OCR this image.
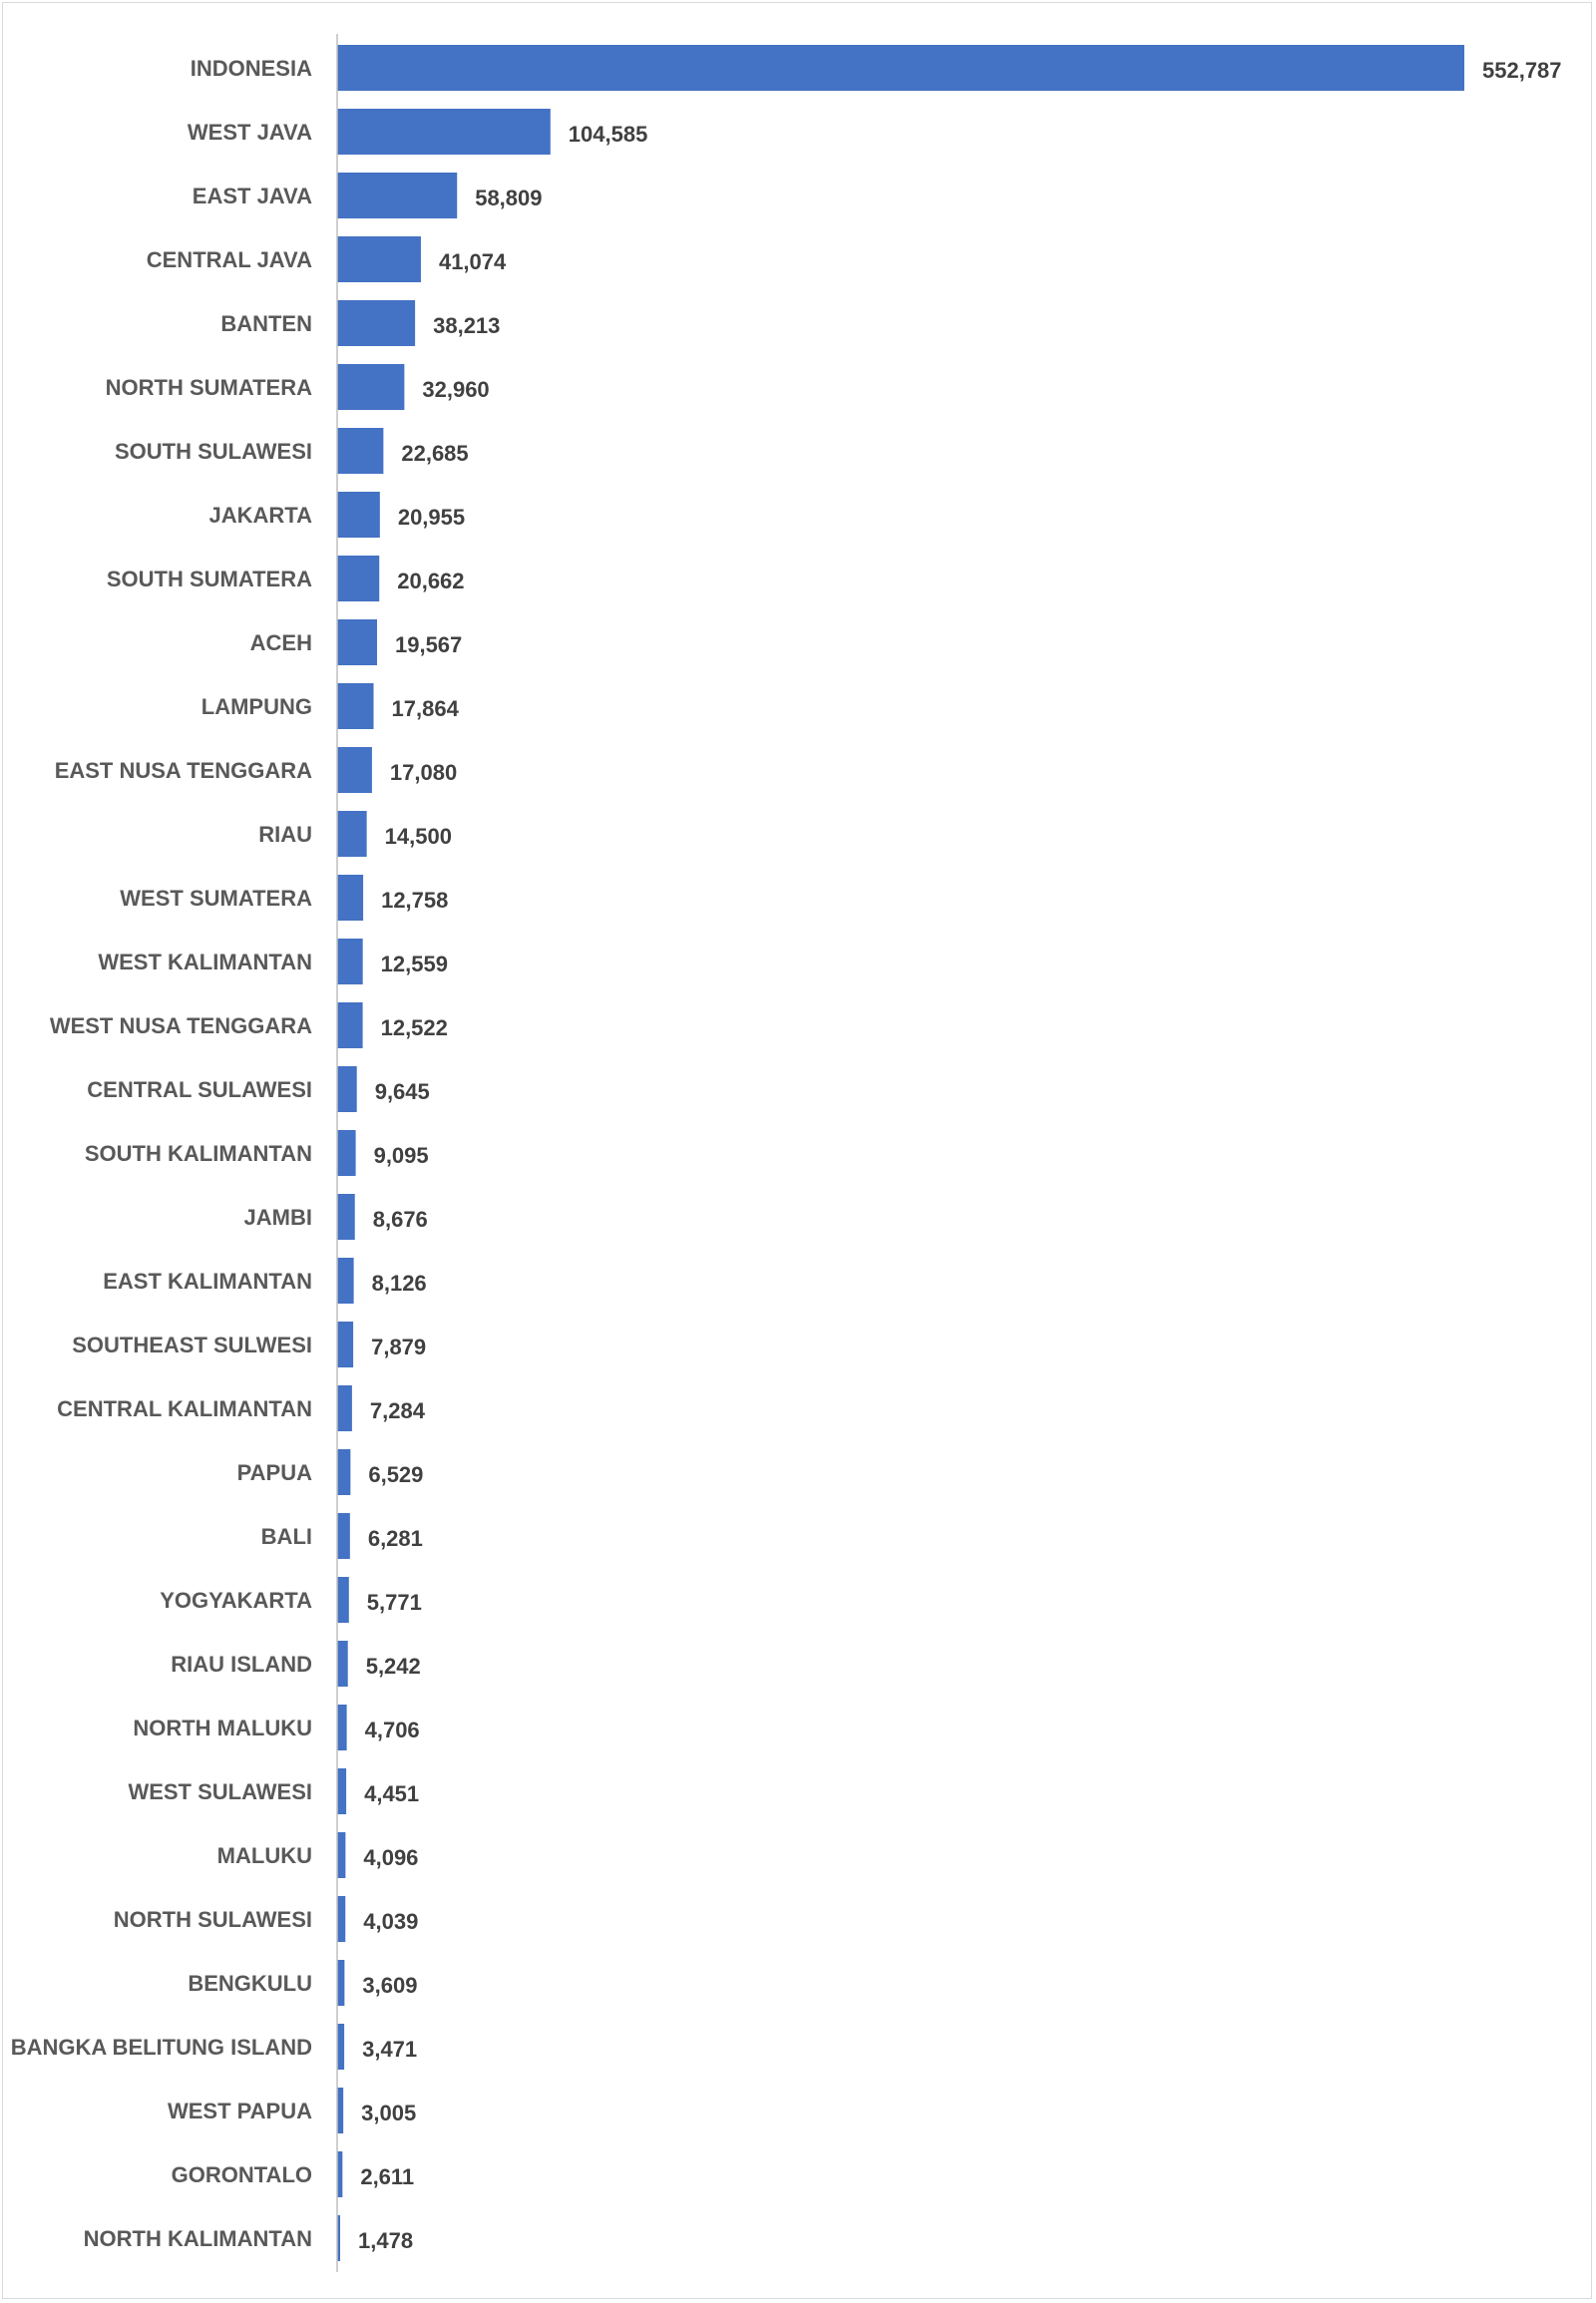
INDONESIA
WEST JAVA
EAST JAVA
CENTRAL JAVA
BANTEN
NORTH SUMATERA
SOUTH SULAWESI
JAKARTA
SOUTH SUMATERA
ACEH
LAMPUNG
EAST NUSA TENGGARA
RIAU
WEST SUMATERA
WEST KALIMANTAN
WEST NUSA TENGGARA
CENTRAL SULAWESI
SOUTH KALIMANTAN
JAMBI
EAST KALIMANTAN
SOUTHEAST SULWESI
CENTRAL KALIMANTAN
PAPUA
BALI
YOGYAKARTA
RIAU ISLAND
NORTH MALUKU
WEST SULAWESI
MALUKU
NORTH SULAWESI
BENGKULU
BANGKA BELITUNG ISLAND
WEST PAPUA
GORONTALO
NORTH KALIMANTAN
552,787
104,585
58,809
41,074
38,213
32,960
22,685
20,955
20,662
19,567
17,864
17,080
14,500
12,758
12,559
12,522
9,645
9,095
8,676
8,126
7,879
7,284
6,529
6,281
5,771
5,242
4,706
4,451
4,096
4,039
3,609
3,471
3,005
2,611
1,478
